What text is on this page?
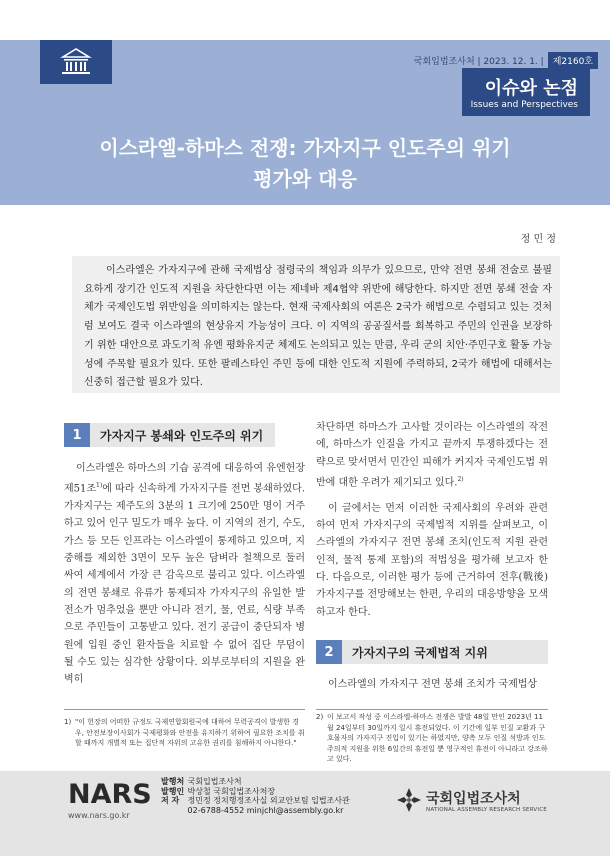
국회입법조사처 | 2023. 12. 1. |	제2160호
이슈와 논점
Issues and Perspectives
이스라엘-하마스 전쟁: 가자지구 인도주의 위기
평가와 대응
정 민 정

이스라엘은 가자지구에 관해 국제법상 점령국의 책임과 의무가 있으므로, 만약 전면 봉쇄 전술로 불필요하게 장기간 인도적 지원을 차단한다면 이는 제네바 제4협약 위반에 해당한다. 하지만 전면 봉쇄 전술 자체가 국제인도법 위반임을 의미하지는 않는다. 현재 국제사회의 여론은 2국가 해법으로 수렴되고 있는 것처럼 보여도 결국 이스라엘의 현상유지 가능성이 크다. 이 지역의 공공질서를 회복하고 주민의 인권을 보장하기 위한 대안으로 과도기적 유엔 평화유지군 체제도 논의되고 있는 만큼, 우리 군의 치안·주민구호 활동 가능성에 주목할 필요가 있다. 또한 팔레스타인 주민 등에 대한 인도적 지원에 주력하되, 2국가 해법에 대해서는 신중히 접근할 필요가 있다.

1	가자지구 봉쇄와 인도주의 위기

이스라엘은 하마스의 기습 공격에 대응하여 유엔헌장 제51조$^{1)}$에 따라 신속하게 가자지구를 전면 봉쇄하였다. 가자지구는 제주도의 3분의 1 크기에 250만 명이 거주하고 있어 인구 밀도가 매우 높다. 이 지역의 전기, 수도, 가스 등 모든 인프라는 이스라엘이 통제하고 있으며, 지중해를 제외한 3면이 모두 높은 담벼라 철책으로 둘러싸여 세계에서 가장 큰 감옥으로 불리고 있다. 이스라엘의 전면 봉쇄로 유류가 통제되자 가자지구의 유일한 발전소가 멈추었을 뿐만 아니라 전기, 물, 연료, 식량 부족으로 주민들이 고통받고 있다. 전기 공급이 중단되자 병원에 입원 중인 환자들을 치료할 수 없어 집단 무덤이 될 수도 있는 심각한 상황이다. 외부로부터의 지원을 완벽히

차단하면 하마스가 고사할 것이라는 이스라엘의 작전에, 하마스가 인질을 가지고 끝까지 투쟁하겠다는 전략으로 맞서면서 민간인 피해가 커지자 국제인도법 위반에 대한 우려가 제기되고 있다.$^{2)}$

이 글에서는 먼저 이러한 국제사회의 우려와 관련하여 먼저 가자지구의 국제법적 지위를 살펴보고, 이스라엘의 가자지구 전면 봉쇄 조치(인도적 지원 관련 인적, 물적 통제 포함)의 적법성을 평가해 보고자 한다. 다음으로, 이러한 평가 등에 근거하여 전후(戰後) 가자지구를 전망해보는 한편, 우리의 대응방향을 모색하고자 한다.

2	가자지구의 국제법적 지위

이스라엘의 가자지구 전면 봉쇄 조치가 국제법상

1) "이 헌장의 어떠한 규정도 국제연합회원국에 대하여 무력공격이 발생한 경우, 안전보장이사회가 국제평화와 안전을 유지하기 위하여 필요한 조치를 취할 때까지 개별적 또는 집단적 자위의 고유한 권리를 침해하지 아니한다."
2) 이 보고서 작성 중 이스라엘-하마스 전쟁은 발발 48일 만인 2023년 11월 24일부터 30일까지 일시 휴전되었다. 이 기간에 일부 인질 교환과 구호물자의 가자지구 진입이 있기는 하였지만, 양측 모두 인질 석방과 인도주의적 지원을 위한 6일간의 휴전일 뿐 영구적인 휴전이 아니라고 강조하고 있다.
NARS
www.nars.go.kr
발행처 국회입법조사처
발행인 박상철 국회입법조사처장
저 자 정민정 정치행정조사실 외교안보팀 입법조사관
02-6788-4552 minjchl@assembly.go.kr
국회입법조사처
NATIONAL ASSEMBLY RESEARCH SERVICE
